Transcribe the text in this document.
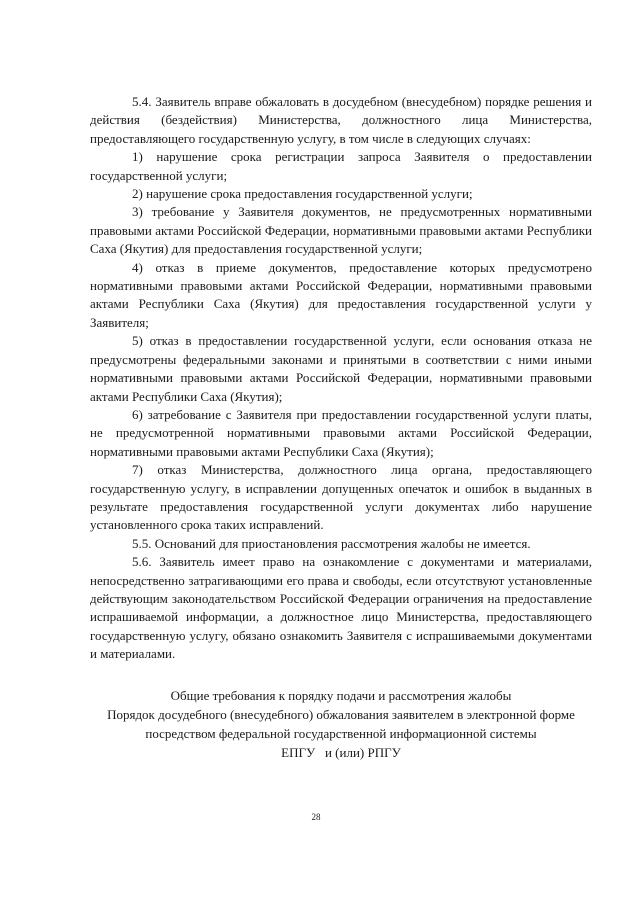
5.4. Заявитель вправе обжаловать в досудебном (внесудебном) порядке решения и действия (бездействия) Министерства, должностного лица Министерства, предоставляющего государственную услугу, в том числе в следующих случаях:

1) нарушение срока регистрации запроса Заявителя о предоставлении государственной услуги;

2) нарушение срока предоставления государственной услуги;

3) требование у Заявителя документов, не предусмотренных нормативными правовыми актами Российской Федерации, нормативными правовыми актами Республики Саха (Якутия) для предоставления государственной услуги;

4) отказ в приеме документов, предоставление которых предусмотрено нормативными правовыми актами Российской Федерации, нормативными правовыми актами Республики Саха (Якутия) для предоставления государственной услуги у Заявителя;

5) отказ в предоставлении государственной услуги, если основания отказа не предусмотрены федеральными законами и принятыми в соответствии с ними иными нормативными правовыми актами Российской Федерации, нормативными правовыми актами Республики Саха (Якутия);

6) затребование с Заявителя при предоставлении государственной услуги платы, не предусмотренной нормативными правовыми актами Российской Федерации, нормативными правовыми актами Республики Саха (Якутия);

7) отказ Министерства, должностного лица органа, предоставляющего государственную услугу, в исправлении допущенных опечаток и ошибок в выданных в результате предоставления государственной услуги документах либо нарушение установленного срока таких исправлений.

5.5. Оснований для приостановления рассмотрения жалобы не имеется.

5.6. Заявитель имеет право на ознакомление с документами и материалами, непосредственно затрагивающими его права и свободы, если отсутствуют установленные действующим законодательством Российской Федерации ограничения на предоставление испрашиваемой информации, а должностное лицо Министерства, предоставляющего государственную услугу, обязано ознакомить Заявителя с испрашиваемыми документами и материалами.

Общие требования к порядку подачи и рассмотрения жалобы
Порядок досудебного (внесудебного) обжалования заявителем в электронной форме посредством федеральной государственной информационной системы
ЕПГУ   и (или) РПГУ
28
